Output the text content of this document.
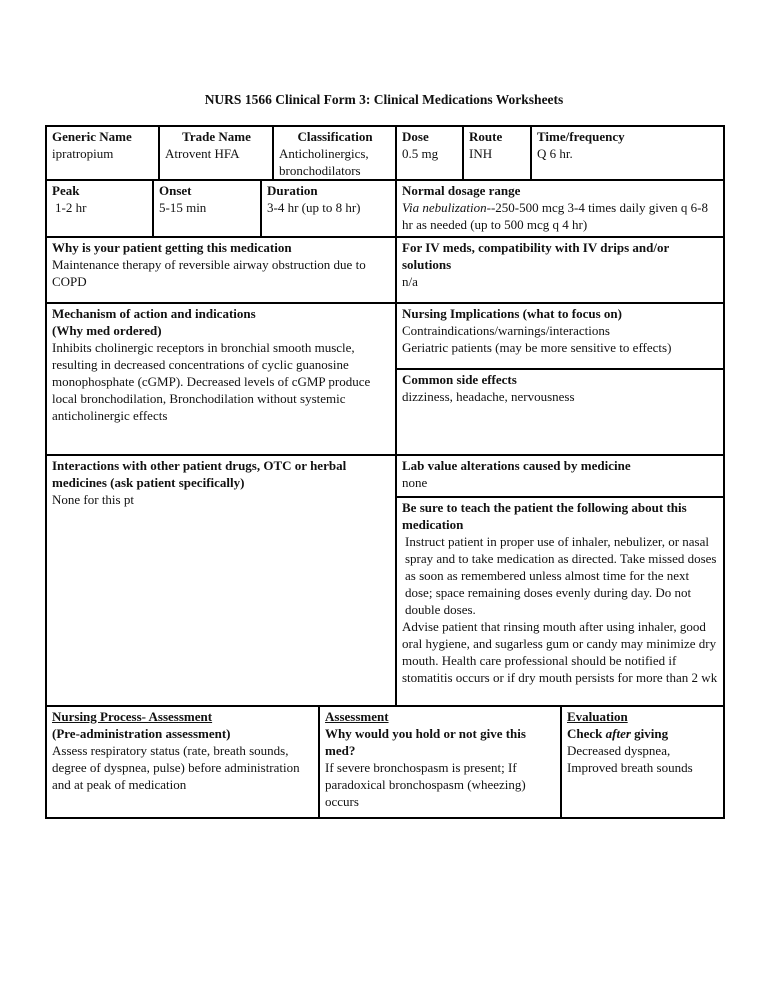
NURS 1566 Clinical Form 3: Clinical Medications Worksheets
Generic Name
ipratropium
Trade Name
Atrovent HFA
Classification
Anticholinergics, bronchodilators
Dose
0.5 mg
Route
INH
Time/frequency
Q 6 hr.
Peak
1-2 hr
Onset
5-15 min
Duration
3-4 hr (up to 8 hr)
Normal dosage range
Via nebulization--250-500 mcg 3-4 times daily given q 6-8 hr as needed (up to 500 mcg q 4 hr)
Why is your patient getting this medication
Maintenance therapy of reversible airway obstruction due to COPD
For IV meds, compatibility with IV drips and/or solutions
n/a
Mechanism of action and indications
(Why med ordered)
Inhibits cholinergic receptors in bronchial smooth muscle, resulting in decreased concentrations of cyclic guanosine monophosphate (cGMP). Decreased levels of cGMP produce local bronchodilation, Bronchodilation without systemic anticholinergic effects
Nursing Implications (what to focus on)
Contraindications/warnings/interactions
Geriatric patients (may be more sensitive to effects)
Common side effects
dizziness, headache, nervousness
Interactions with other patient drugs, OTC or herbal medicines (ask patient specifically)
None for this pt
Lab value alterations caused by medicine
none
Be sure to teach the patient the following about this medication
Instruct patient in proper use of inhaler, nebulizer, or nasal spray and to take medication as directed. Take missed doses as soon as remembered unless almost time for the next dose; space remaining doses evenly during day. Do not double doses.
Advise patient that rinsing mouth after using inhaler, good oral hygiene, and sugarless gum or candy may minimize dry mouth. Health care professional should be notified if stomatitis occurs or if dry mouth persists for more than 2 wk
Nursing Process- Assessment
(Pre-administration assessment)
Assess respiratory status (rate, breath sounds, degree of dyspnea, pulse) before administration and at peak of medication
Assessment
Why would you hold or not give this med?
If severe bronchospasm is present; If paradoxical bronchospasm (wheezing) occurs
Evaluation
Check after giving
Decreased dyspnea, Improved breath sounds
